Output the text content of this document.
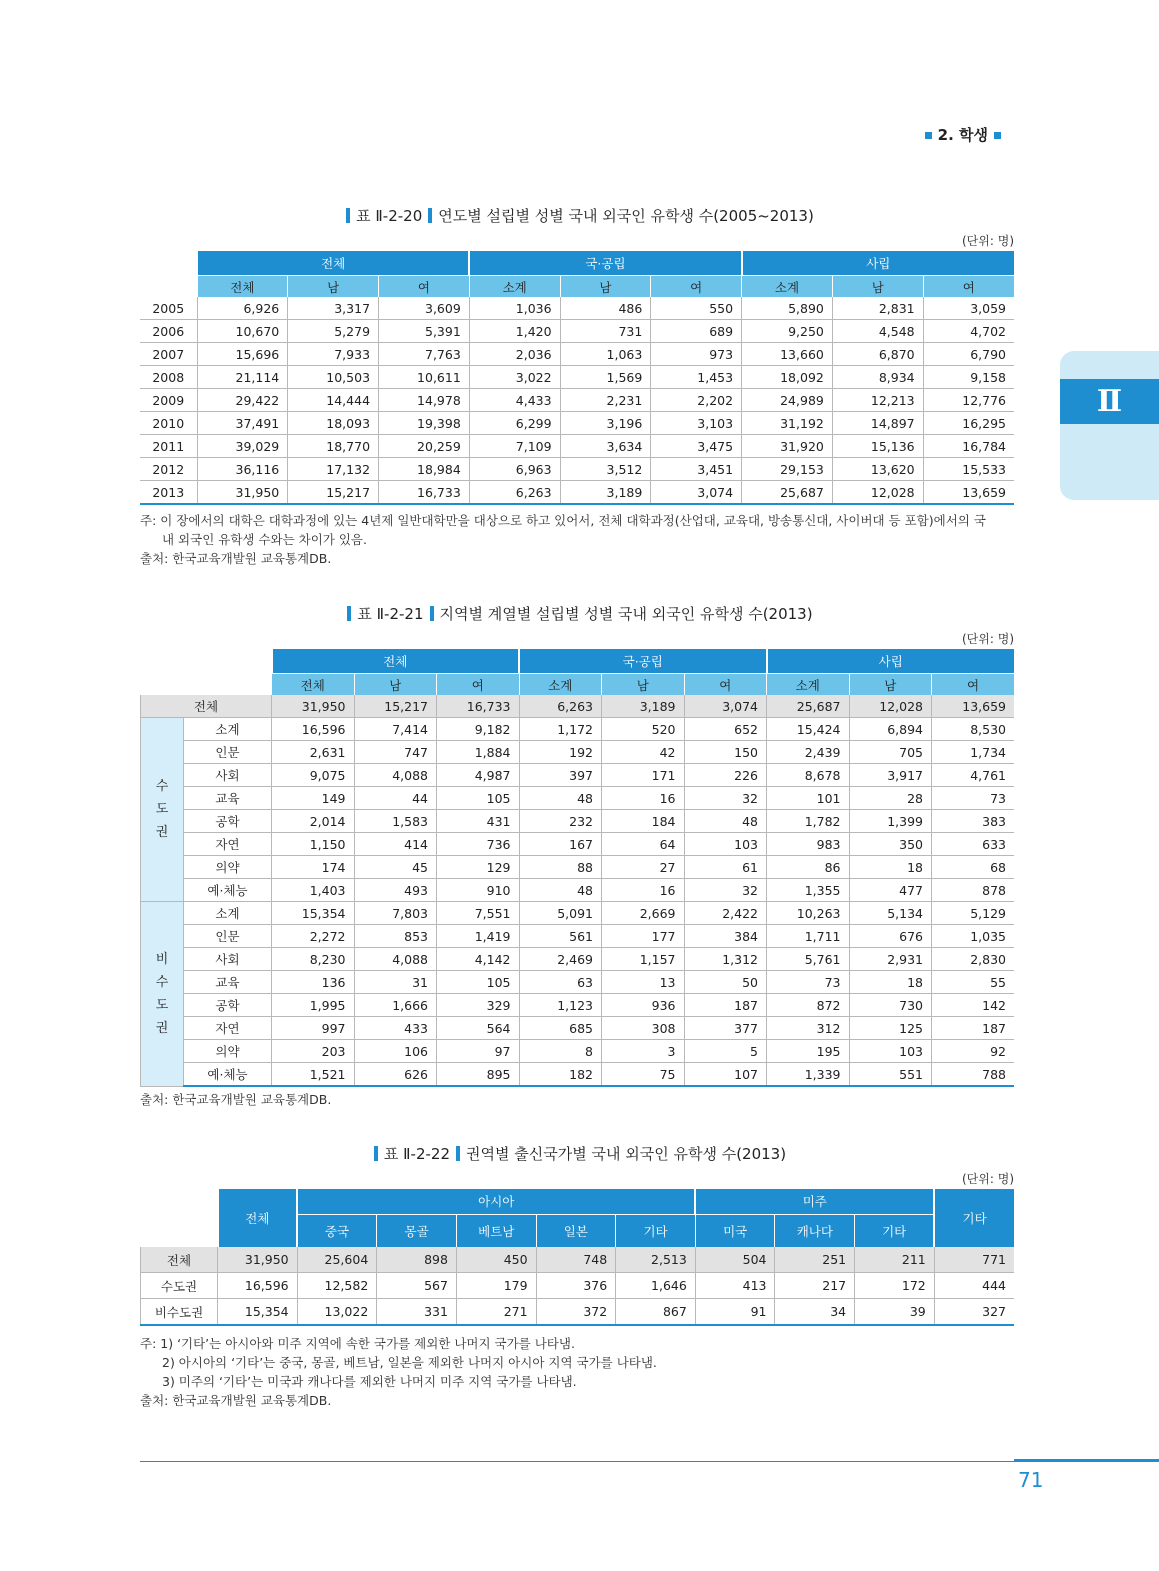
2. 학생
Ⅱ
표 Ⅱ-2-20 연도별 설립별 성별 국내 외국인 유학생 수(2005~2013)
(단위: 명)
	전체			국·공립			사립		
	전체	남	여	소계	남	여	소계	남	여
2005	6,926	3,317	3,609	1,036	486	550	5,890	2,831	3,059
2006	10,670	5,279	5,391	1,420	731	689	9,250	4,548	4,702
2007	15,696	7,933	7,763	2,036	1,063	973	13,660	6,870	6,790
2008	21,114	10,503	10,611	3,022	1,569	1,453	18,092	8,934	9,158
2009	29,422	14,444	14,978	4,433	2,231	2,202	24,989	12,213	12,776
2010	37,491	18,093	19,398	6,299	3,196	3,103	31,192	14,897	16,295
2011	39,029	18,770	20,259	7,109	3,634	3,475	31,920	15,136	16,784
2012	36,116	17,132	18,984	6,963	3,512	3,451	29,153	13,620	15,533
2013	31,950	15,217	16,733	6,263	3,189	3,074	25,687	12,028	13,659
주: 이 장에서의 대학은 대학과정에 있는 4년제 일반대학만을 대상으로 하고 있어서, 전체 대학과정(산업대, 교육대, 방송통신대, 사이버대 등 포함)에서의 국
내 외국인 유학생 수와는 차이가 있음.
출처: 한국교육개발원 교육통계DB.
표 Ⅱ-2-21 지역별 계열별 설립별 성별 국내 외국인 유학생 수(2013)
(단위: 명)
		전체			국·공립			사립		
		전체	남	여	소계	남	여	소계	남	여
전체		31,950	15,217	16,733	6,263	3,189	3,074	25,687	12,028	13,659

수
도
권	소계	16,596	7,414	9,182	1,172	520	652	15,424	6,894	8,530
	인문	2,631	747	1,884	192	42	150	2,439	705	1,734
	사회	9,075	4,088	4,987	397	171	226	8,678	3,917	4,761
	교육	149	44	105	48	16	32	101	28	73
	공학	2,014	1,583	431	232	184	48	1,782	1,399	383
	자연	1,150	414	736	167	64	103	983	350	633
	의약	174	45	129	88	27	61	86	18	68
	예·체능	1,403	493	910	48	16	32	1,355	477	878

비
수
도
권	소계	15,354	7,803	7,551	5,091	2,669	2,422	10,263	5,134	5,129
	인문	2,272	853	1,419	561	177	384	1,711	676	1,035
	사회	8,230	4,088	4,142	2,469	1,157	1,312	5,761	2,931	2,830
	교육	136	31	105	63	13	50	73	18	55
	공학	1,995	1,666	329	1,123	936	187	872	730	142
	자연	997	433	564	685	308	377	312	125	187
	의약	203	106	97	8	3	5	195	103	92
	예·체능	1,521	626	895	182	75	107	1,339	551	788
출처: 한국교육개발원 교육통계DB.
표 Ⅱ-2-22 권역별 출신국가별 국내 외국인 유학생 수(2013)
(단위: 명)
	전체	아시아					미주			기타
		중국	몽골	베트남	일본	기타	미국	캐나다	기타	
전체	31,950	25,604	898	450	748	2,513	504	251	211	771
수도권	16,596	12,582	567	179	376	1,646	413	217	172	444
비수도권	15,354	13,022	331	271	372	867	91	34	39	327
주: 1) ‘기타’는 아시아와 미주 지역에 속한 국가를 제외한 나머지 국가를 나타냄.
2) 아시아의 ‘기타’는 중국, 몽골, 베트남, 일본을 제외한 나머지 아시아 지역 국가를 나타냄.
3) 미주의 ‘기타’는 미국과 캐나다를 제외한 나머지 미주 지역 국가를 나타냄.
출처: 한국교육개발원 교육통계DB.
71
